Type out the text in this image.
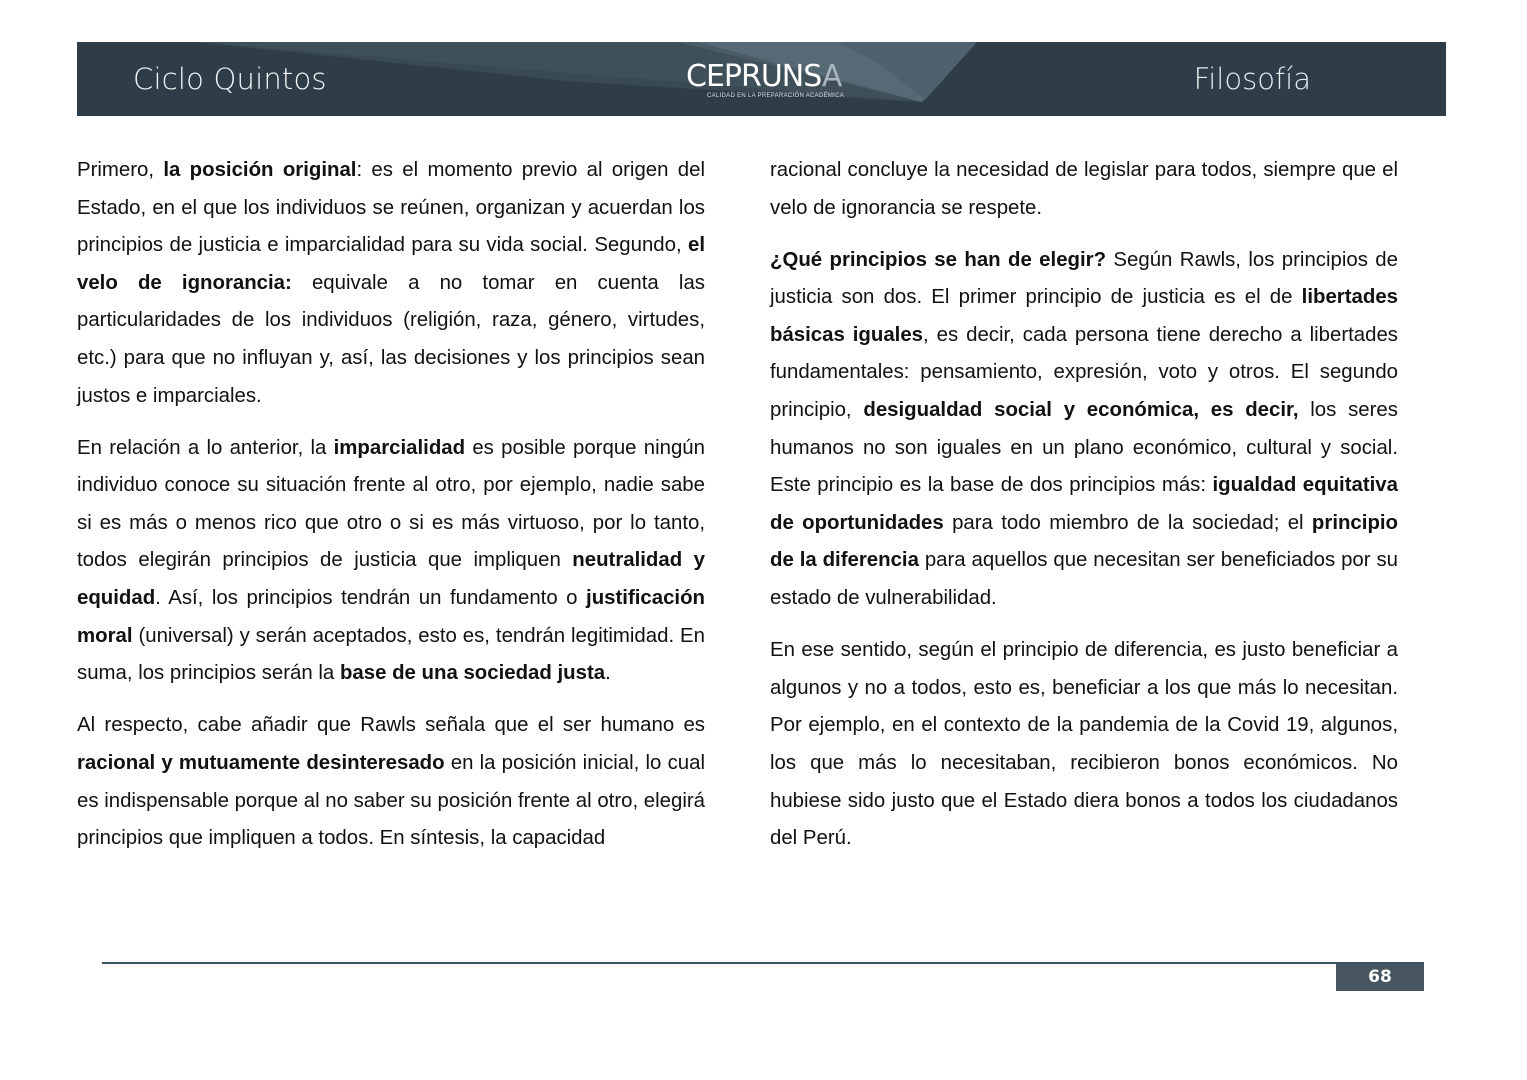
Ciclo Quintos	CEPRUNSA
CALIDAD EN LA PREPARACIÓN ACADÉMICA	Filosofía

Primero, la posición original: es el momento previo al origen del Estado, en el que los individuos se reúnen, organizan y acuerdan los principios de justicia e imparcialidad para su vida social. Segundo, el velo de ignorancia: equivale a no tomar en cuenta las particularidades de los individuos (religión, raza, género, virtudes, etc.) para que no influyan y, así, las decisiones y los principios sean justos e imparciales.

En relación a lo anterior, la imparcialidad es posible porque ningún individuo conoce su situación frente al otro, por ejemplo, nadie sabe si es más o menos rico que otro o si es más virtuoso, por lo tanto, todos elegirán principios de justicia que impliquen neutralidad y equidad. Así, los principios tendrán un fundamento o justificación moral (universal) y serán aceptados, esto es, tendrán legitimidad. En suma, los principios serán la base de una sociedad justa.

Al respecto, cabe añadir que Rawls señala que el ser humano es racional y mutuamente desinteresado en la posición inicial, lo cual es indispensable porque al no saber su posición frente al otro, elegirá principios que impliquen a todos. En síntesis, la capacidad

racional concluye la necesidad de legislar para todos, siempre que el velo de ignorancia se respete.

¿Qué principios se han de elegir? Según Rawls, los principios de justicia son dos. El primer principio de justicia es el de libertades básicas iguales, es decir, cada persona tiene derecho a libertades fundamentales: pensamiento, expresión, voto y otros. El segundo principio, desigualdad social y económica, es decir, los seres humanos no son iguales en un plano económico, cultural y social. Este principio es la base de dos principios más: igualdad equitativa de oportunidades para todo miembro de la sociedad; el principio de la diferencia para aquellos que necesitan ser beneficiados por su estado de vulnerabilidad.

En ese sentido, según el principio de diferencia, es justo beneficiar a algunos y no a todos, esto es, beneficiar a los que más lo necesitan. Por ejemplo, en el contexto de la pandemia de la Covid 19, algunos, los que más lo necesitaban, recibieron bonos económicos. No hubiese sido justo que el Estado diera bonos a todos los ciudadanos del Perú.

68
